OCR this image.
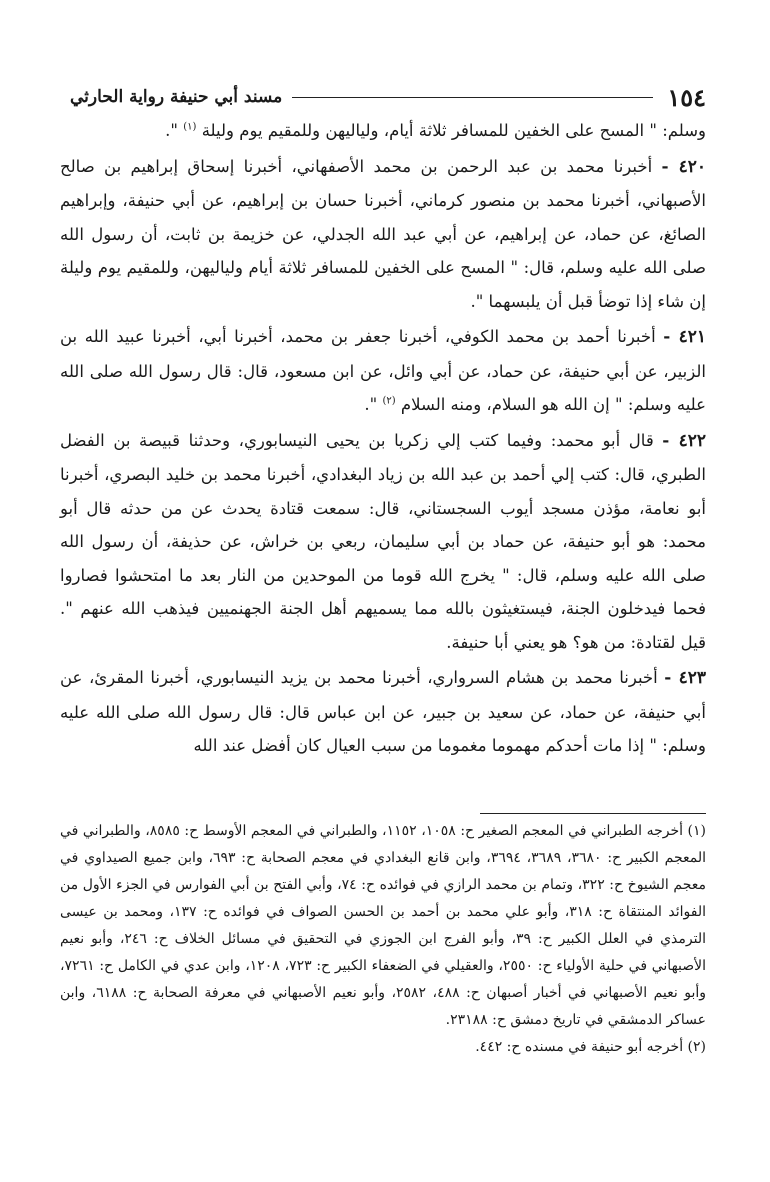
١٥٤
مسند أبي حنيفة رواية الحارثي

وسلم: " المسح على الخفين للمسافر ثلاثة أيام، ولياليهن وللمقيم يوم وليلة $^{(١)}$ ".

٤٢٠ - أخبرنا محمد بن عبد الرحمن بن محمد الأصفهاني، أخبرنا إسحاق إبراهيم بن صالح الأصبهاني، أخبرنا محمد بن منصور كرماني، أخبرنا حسان بن إبراهيم، عن أبي حنيفة، وإبراهيم الصائغ، عن حماد، عن إبراهيم، عن أبي عبد الله الجدلي، عن خزيمة بن ثابت، أن رسول الله صلى الله عليه وسلم، قال: " المسح على الخفين للمسافر ثلاثة أيام ولياليهن، وللمقيم يوم وليلة إن شاء إذا توضأ قبل أن يلبسهما ".

٤٢١ - أخبرنا أحمد بن محمد الكوفي، أخبرنا جعفر بن محمد، أخبرنا أبي، أخبرنا عبيد الله بن الزبير، عن أبي حنيفة، عن حماد، عن أبي وائل، عن ابن مسعود، قال: قال رسول الله صلى الله عليه وسلم: " إن الله هو السلام، ومنه السلام $^{(٢)}$ ".

٤٢٢ - قال أبو محمد: وفيما كتب إلي زكريا بن يحيى النيسابوري، وحدثنا قبيصة بن الفضل الطبري، قال: كتب إلي أحمد بن عبد الله بن زياد البغدادي، أخبرنا محمد بن خليد البصري، أخبرنا أبو نعامة، مؤذن مسجد أيوب السجستاني، قال: سمعت قتادة يحدث عن من حدثه قال أبو محمد: هو أبو حنيفة، عن حماد بن أبي سليمان، ربعي بن خراش، عن حذيفة، أن رسول الله صلى الله عليه وسلم، قال: " يخرج الله قوما من الموحدين من النار بعد ما امتحشوا فصاروا فحما فيدخلون الجنة، فيستغيثون بالله مما يسميهم أهل الجنة الجهنميين فيذهب الله عنهم ". قيل لقتادة: من هو؟ هو يعني أبا حنيفة.

٤٢٣ - أخبرنا محمد بن هشام السرواري، أخبرنا محمد بن يزيد النيسابوري، أخبرنا المقرئ، عن أبي حنيفة، عن حماد، عن سعيد بن جبير، عن ابن عباس قال: قال رسول الله صلى الله عليه وسلم: " إذا مات أحدكم مهموما مغموما من سبب العيال كان أفضل عند الله

(١) أخرجه الطبراني في المعجم الصغير ح: ١٠٥٨، ١١٥٢، والطبراني في المعجم الأوسط ح: ٨٥٨٥، والطبراني في المعجم الكبير ح: ٣٦٨٠، ٣٦٨٩، ٣٦٩٤، وابن قانع البغدادي في معجم الصحابة ح: ٦٩٣، وابن جميع الصيداوي في معجم الشيوخ ح: ٣٢٢، وتمام بن محمد الرازي في فوائده ح: ٧٤، وأبي الفتح بن أبي الفوارس في الجزء الأول من الفوائد المنتقاة ح: ٣١٨، وأبو علي محمد بن أحمد بن الحسن الصواف في فوائده ح: ١٣٧، ومحمد بن عيسى الترمذي في العلل الكبير ح: ٣٩، وأبو الفرج ابن الجوزي في التحقيق في مسائل الخلاف ح: ٢٤٦، وأبو نعيم الأصبهاني في حلية الأولياء ح: ٢٥٥٠، والعقيلي في الضعفاء الكبير ح: ٧٢٣، ١٢٠٨، وابن عدي في الكامل ح: ٧٢٦١، وأبو نعيم الأصبهاني في أخبار أصبهان ح: ٤٨٨، ٢٥٨٢، وأبو نعيم الأصبهاني في معرفة الصحابة ح: ٦١٨٨، وابن عساكر الدمشقي في تاريخ دمشق ح: ٢٣١٨٨.

(٢) أخرجه أبو حنيفة في مسنده ح: ٤٤٢.
